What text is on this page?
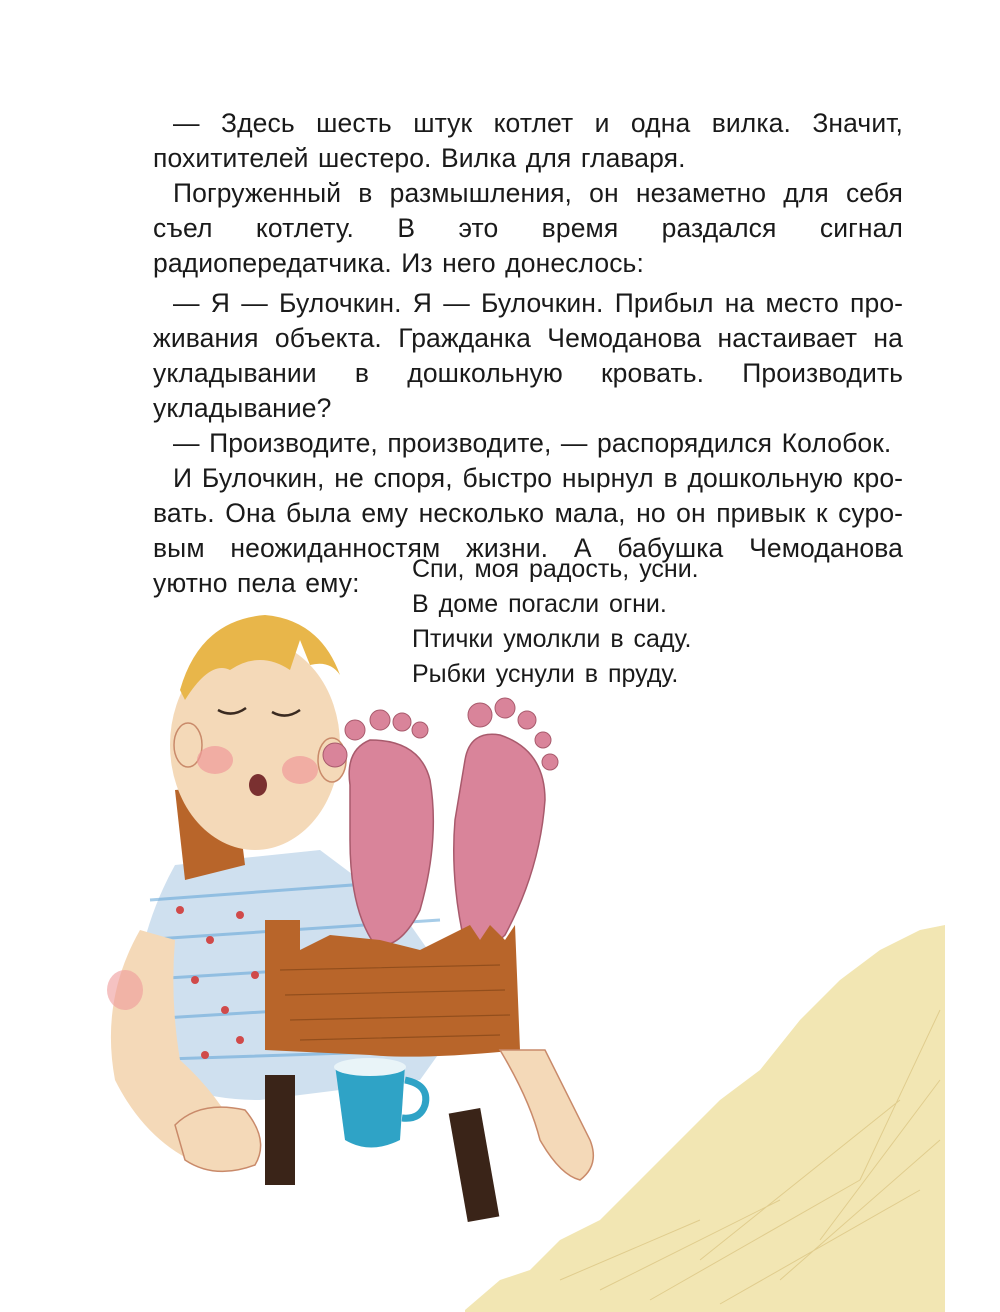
— Здесь шесть штук котлет и одна вилка. Значит, похитителей шестеро. Вилка для главаря.

Погруженный в размышления, он незаметно для себя съел котлету. В это время раздался сигнал радиопередатчика. Из него донеслось:

— Я — Булочкин. Я — Булочкин. Прибыл на место проживания объекта. Гражданка Чемоданова настаивает на укладывании в дошкольную кровать. Производить укладывание?

— Производите, производите, — распорядился Колобок.

И Булочкин, не споря, быстро нырнул в дошкольную кровать. Она была ему несколько мала, но он привык к суровым неожиданностям жизни. А бабушка Чемоданова уютно пела ему:	Спи, моя радость, усни.
В доме погасли огни.
Птички умолкли в саду.
Рыбки уснули в пруду.
